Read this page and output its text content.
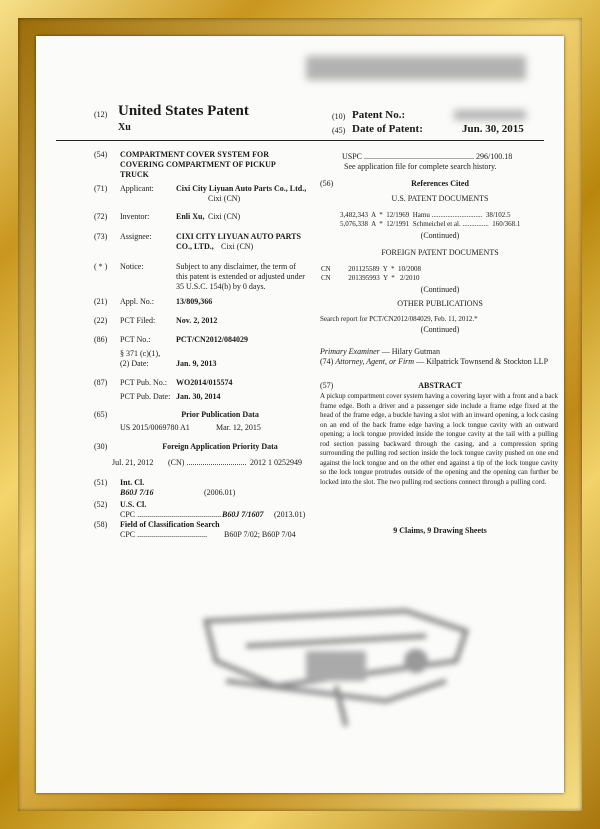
(12) United States Patent
Xu
(10) Patent No.:
(45) Date of Patent:	Jun. 30, 2015
(54) COMPARTMENT COVER SYSTEM FOR COVERING COMPARTMENT OF PICKUP TRUCK
(71) Applicant:	Cixi City Liyuan Auto Parts Co., Ltd.,
Cixi (CN)
(72) Inventor:	Enli Xu, Cixi (CN)
(73) Assignee:	CIXI CITY LIYUAN AUTO PARTS CO., LTD., Cixi (CN)
( * ) Notice:	Subject to any disclaimer, the term of this patent is extended or adjusted under 35 U.S.C. 154(b) by 0 days.
(21) Appl. No.:	13/809,366
(22) PCT Filed:	Nov. 2, 2012
(86) PCT No.:	PCT/CN2012/084029
§ 371 (c)(1),
(2) Date:	Jan. 9, 2013
(87) PCT Pub. No.: WO2014/015574
PCT Pub. Date: Jan. 30, 2014
(65)	Prior Publication Data
US 2015/0069780 A1	Mar. 12, 2015
(30)	Foreign Application Priority Data
Jul. 21, 2012 (CN) .............................. 2012 1 0252949
(51) Int. Cl.
B60J 7/16	(2006.01)
(52) U.S. Cl.
CPC .......................................... B60J 7/1607 (2013.01)
(58) Field of Classification Search
CPC ................................... B60P 7/02; B60P 7/04
USPC ....................................................... 296/100.18
See application file for complete search history.
(56)	References Cited
U.S. PATENT DOCUMENTS
3,482,343  A  *  12/1969  Hamu .............................  38/102.5
5,076,338  A  *  12/1991  Schmeichel et al. ...............  160/368.1
(Continued)
FOREIGN PATENT DOCUMENTS
CN          201125589  Y  *  10/2008
CN          201395993  Y  *   2/2010
(Continued)
OTHER PUBLICATIONS
Search report for PCT/CN2012/084029, Feb. 11, 2012.*
(Continued)
Primary Examiner — Hilary Gutman
(74) Attorney, Agent, or Firm — Kilpatrick Townsend & Stockton LLP
(57)	ABSTRACT
A pickup compartment cover system having a covering layer with a front and a back frame edge. Both a driver and a passenger side include a frame edge fixed at the head of the frame edge, a buckle having a slot with an inward opening, a lock casing on an end of the back frame edge having a lock tongue cavity with an outward opening; a lock tongue provided inside the tongue cavity at the tail with a pulling rod section passing backward through the casing, and a compression spring surrounding the pulling rod section inside the lock tongue cavity pushed on one end against the lock tongue and on the other end against a tip of the lock tongue cavity so the lock tongue protrudes outside of the opening and the opening can further be locked into the slot. The two pulling rod sections connect through a pulling cord.
9 Claims, 9 Drawing Sheets
